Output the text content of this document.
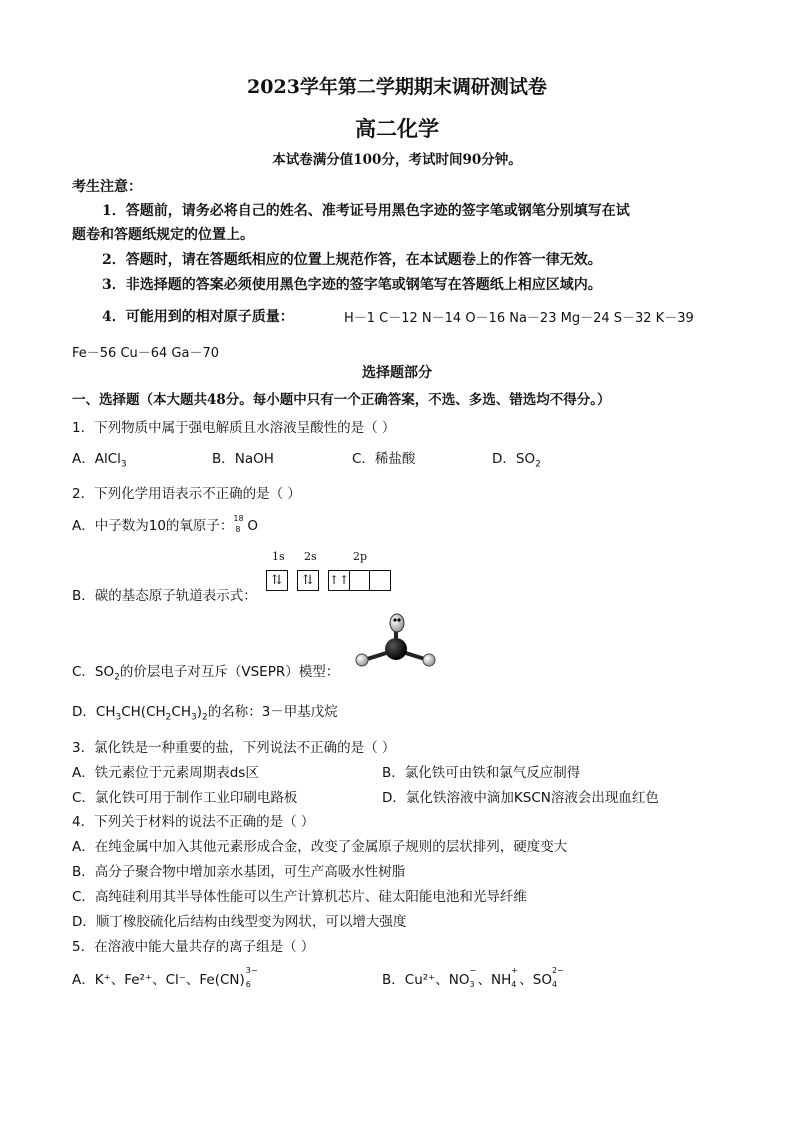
2023学年第二学期期末调研测试卷
高二化学
本试卷满分值100分，考试时间90分钟。
考生注意：
1．答题前，请务必将自己的姓名、准考证号用黑色字迹的签字笔或钢笔分别填写在试
题卷和答题纸规定的位置上。
2．答题时，请在答题纸相应的位置上规范作答，在本试题卷上的作答一律无效。
3．非选择题的答案必须使用黑色字迹的签字笔或钢笔写在答题纸上相应区域内。
4．可能用到的相对原子质量：	H－1 C－12 N－14 O－16 Na－23 Mg－24 S－32 K－39
Fe－56 Cu－64 Ga－70
选择题部分
一、选择题（本大题共48分。每小题中只有一个正确答案，不选、多选、错选均不得分。）
1．下列物质中属于强电解质且水溶液呈酸性的是（ ）
A．AlCl$_3$	B．NaOH	C．稀盐酸	D．$SO_2$
2．下列化学用语表示不正确的是（ ）
A．中子数为10的氧原子： 18
8 O
1s 2s	2p
⇅	⇅	↑↑
B．碳的基态原子轨道表示式：
C．$SO_2$的价层电子对互斥（VSEPR）模型：
D．$CH_3CH(CH_2CH_3)_2$的名称：3－甲基戊烷
3．氯化铁是一种重要的盐，下列说法不正确的是（ ）
A．铁元素位于元素周期表ds区	B．氯化铁可由铁和氯气反应制得
C．氯化铁可用于制作工业印刷电路板	D．氯化铁溶液中滴加KSCN溶液会出现血红色
4．下列关于材料的说法不正确的是（ ）
A．在纯金属中加入其他元素形成合金，改变了金属原子规则的层状排列，硬度变大
B．高分子聚合物中增加亲水基团，可生产高吸水性树脂
C．高纯硅利用其半导体性能可以生产计算机芯片、硅太阳能电池和光导纤维
D．顺丁橡胶硫化后结构由线型变为网状，可以增大强度
5．在溶液中能大量共存的离子组是（ ）
A．K⁺、Fe²⁺、Cl⁻、Fe(CN)
3−
6	B．Cu²⁺、NO
−
3 、NH
+
4 、SO
2−
4
